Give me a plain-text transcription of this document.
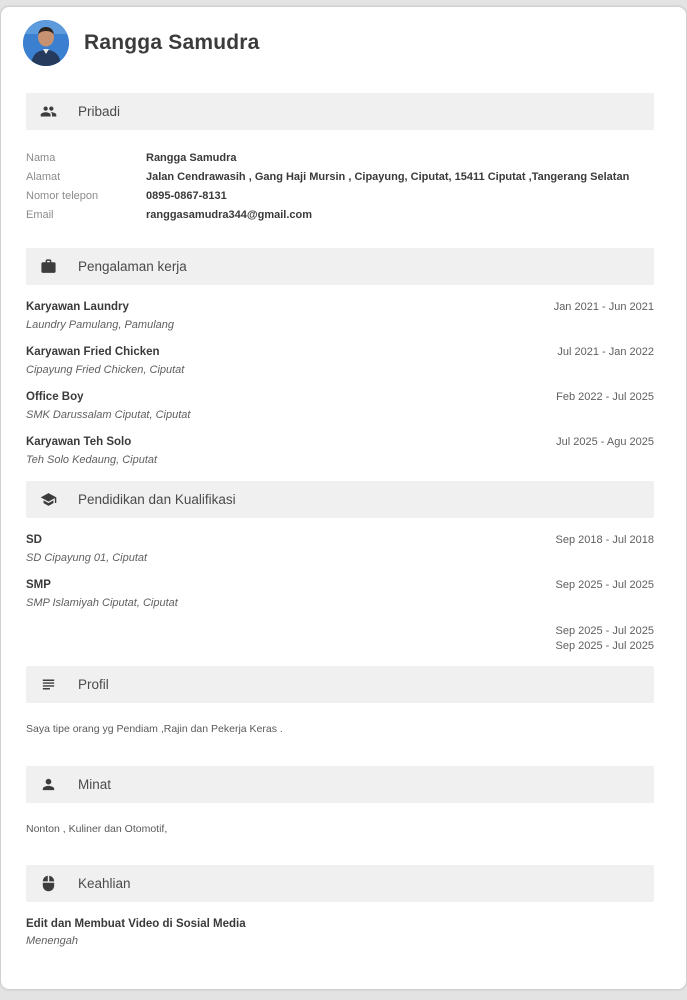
Rangga Samudra
Pribadi
Nama	Rangga Samudra
Alamat	Jalan Cendrawasih , Gang Haji Mursin , Cipayung, Ciputat, 15411 Ciputat ,Tangerang Selatan
Nomor telepon	0895-0867-8131
Email	ranggasamudra344@gmail.com
Pengalaman kerja
Karyawan Laundry	Jan 2021 - Jun 2021
Laundry Pamulang, Pamulang
Karyawan Fried Chicken	Jul 2021 - Jan 2022
Cipayung Fried Chicken, Ciputat
Office Boy	Feb 2022 - Jul 2025
SMK Darussalam Ciputat, Ciputat
Karyawan Teh Solo	Jul 2025 - Agu 2025
Teh Solo Kedaung, Ciputat
Pendidikan dan Kualifikasi
SD	Sep 2018 - Jul 2018
SD Cipayung 01, Ciputat
SMP	Sep 2025 - Jul 2025
SMP Islamiyah Ciputat, Ciputat
Sep 2025 - Jul 2025
Sep 2025 - Jul 2025
Profil

Saya tipe orang yg Pendiam ,Rajin dan Pekerja Keras .

Minat

Nonton , Kuliner dan Otomotif,

Keahlian
Edit dan Membuat Video di Sosial Media
Menengah
